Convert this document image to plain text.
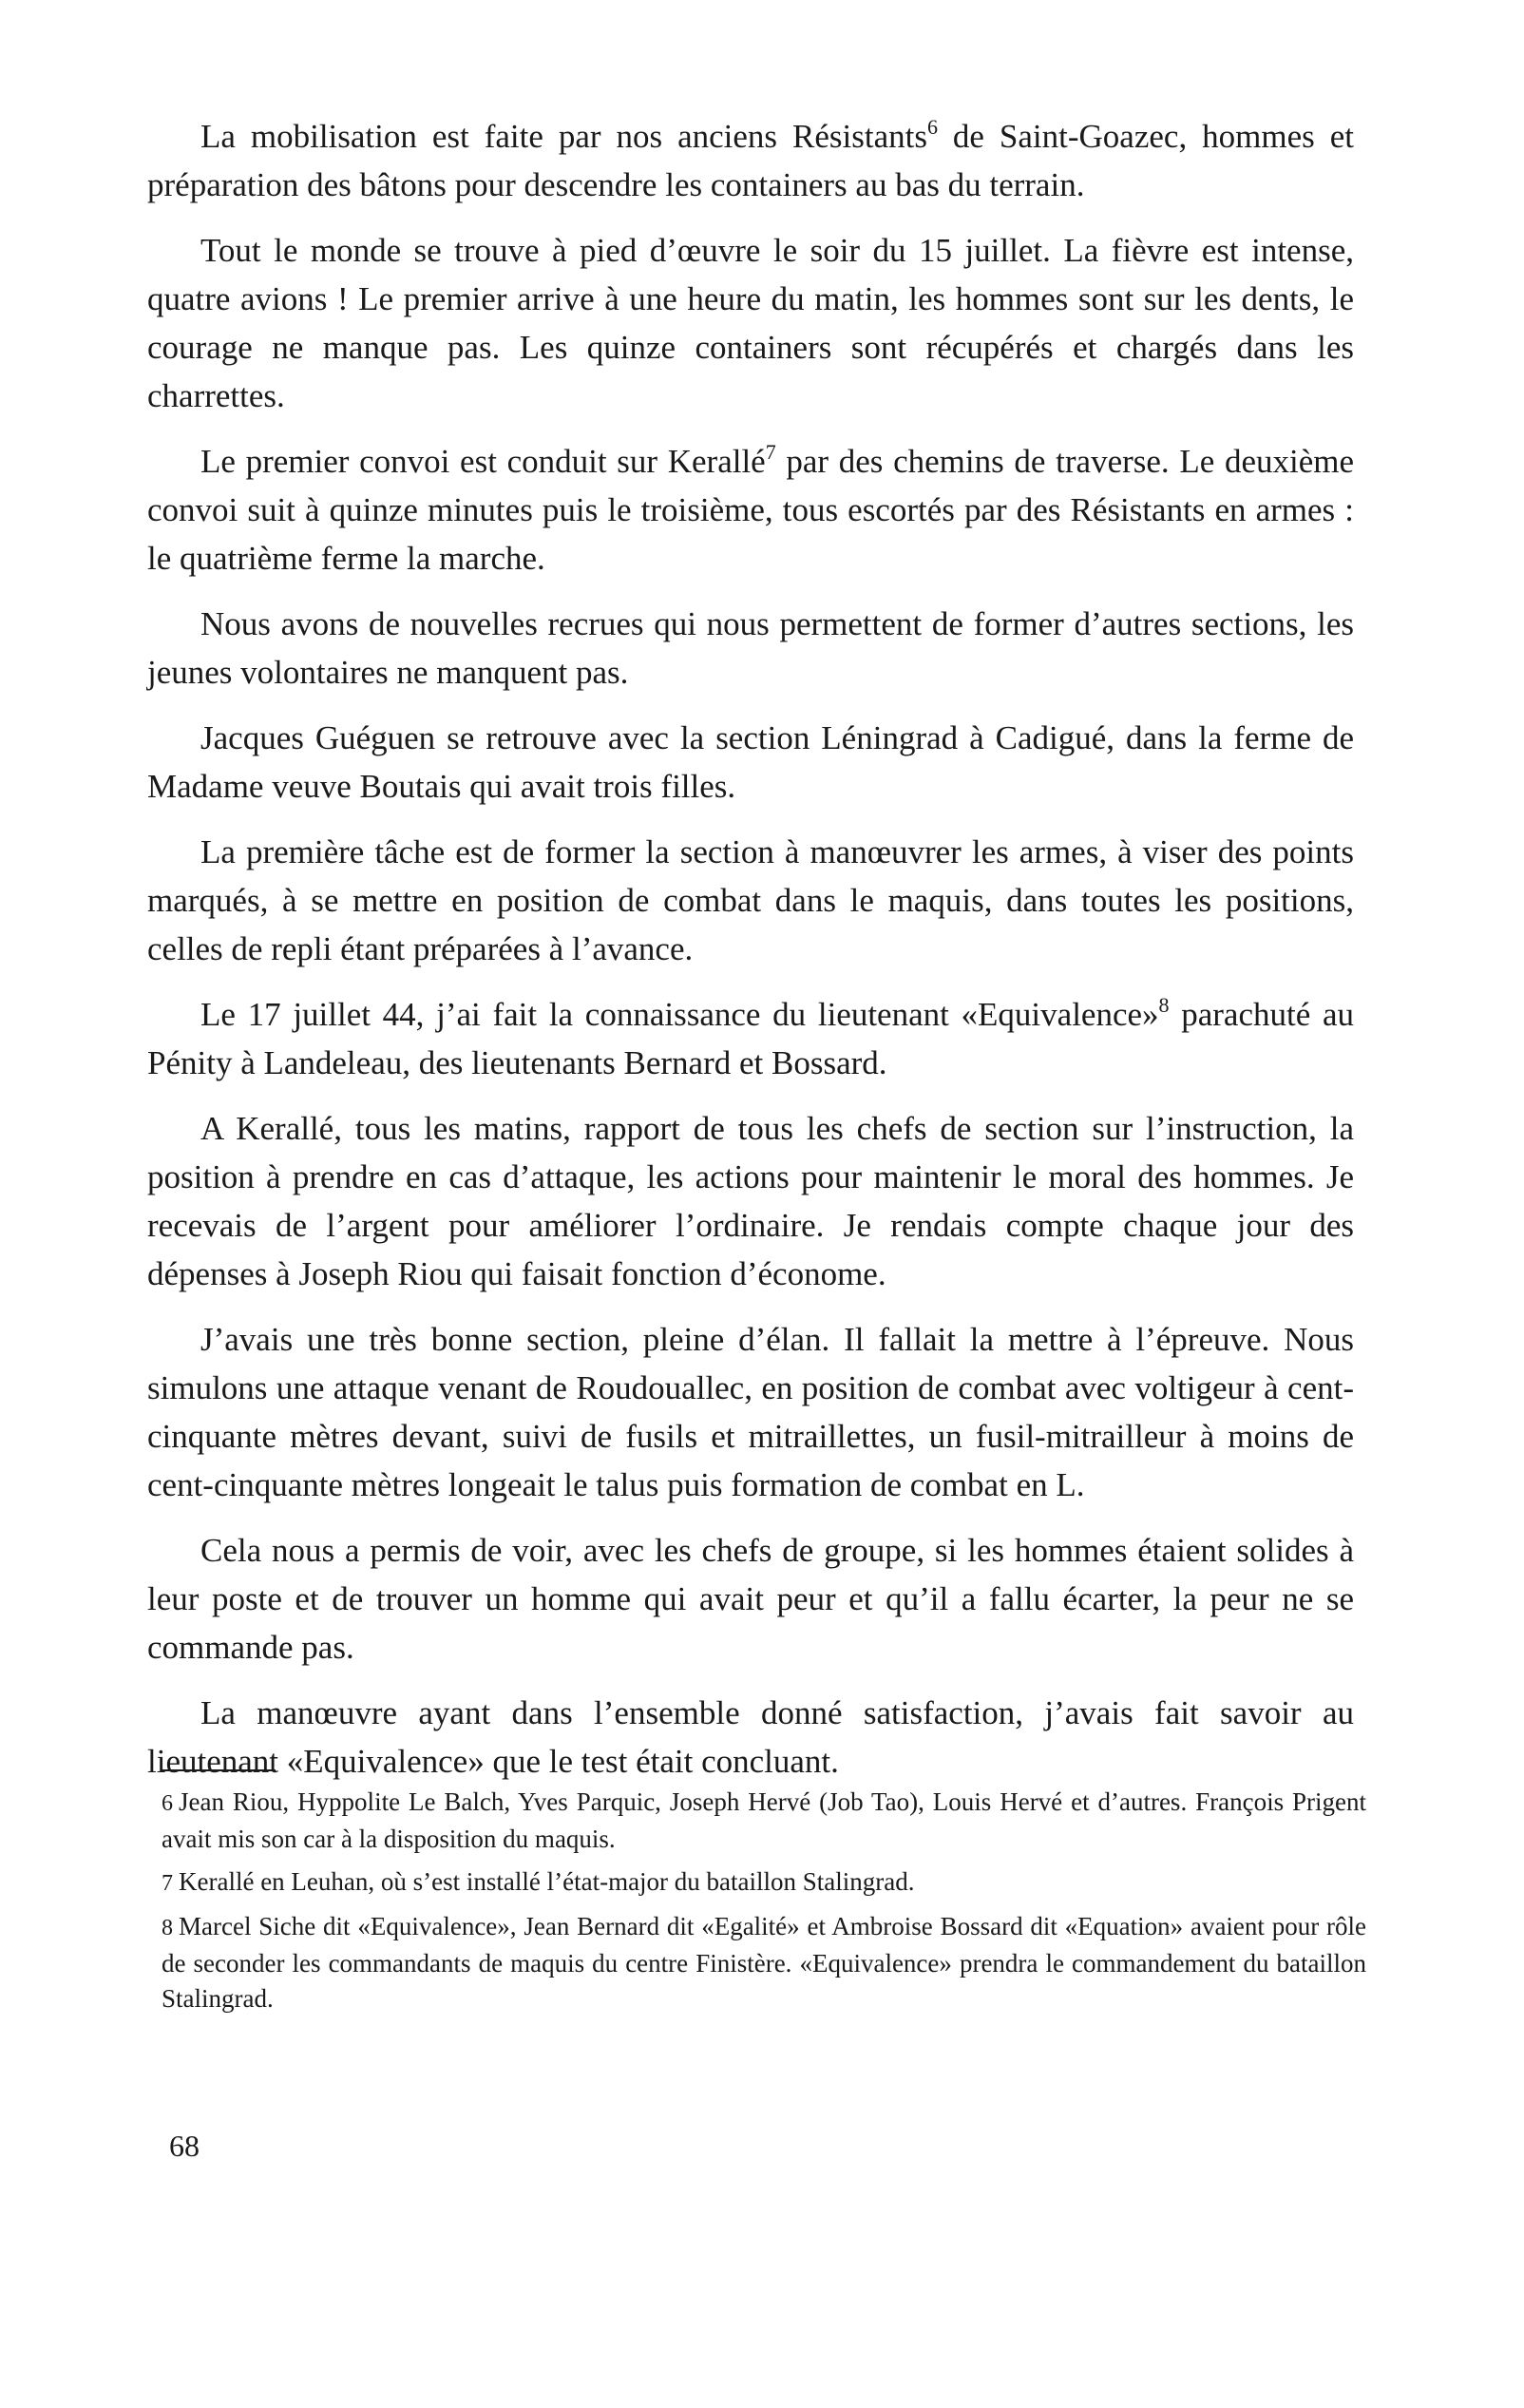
La mobilisation est faite par nos anciens Résistants$^6$ de Saint-Goazec, hommes et préparation des bâtons pour descendre les containers au bas du terrain.

Tout le monde se trouve à pied d’œuvre le soir du 15 juillet. La fièvre est intense, quatre avions ! Le premier arrive à une heure du matin, les hommes sont sur les dents, le courage ne manque pas. Les quinze containers sont récupérés et chargés dans les charrettes.

Le premier convoi est conduit sur Kerallé$^7$ par des chemins de traverse. Le deuxième convoi suit à quinze minutes puis le troisième, tous escortés par des Résistants en armes : le quatrième ferme la marche.

Nous avons de nouvelles recrues qui nous permettent de former d’autres sections, les jeunes volontaires ne manquent pas.

Jacques Guéguen se retrouve avec la section Léningrad à Cadigué, dans la ferme de Madame veuve Boutais qui avait trois filles.

La première tâche est de former la section à manœuvrer les armes, à viser des points marqués, à se mettre en position de combat dans le maquis, dans toutes les positions, celles de repli étant préparées à l’avance.

Le 17 juillet 44, j’ai fait la connaissance du lieutenant «Equivalence»$^8$ parachuté au Pénity à Landeleau, des lieutenants Bernard et Bossard.

A Kerallé, tous les matins, rapport de tous les chefs de section sur l’instruction, la position à prendre en cas d’attaque, les actions pour maintenir le moral des hommes. Je recevais de l’argent pour améliorer l’ordinaire. Je rendais compte chaque jour des dépenses à Joseph Riou qui faisait fonction d’économe.

J’avais une très bonne section, pleine d’élan. Il fallait la mettre à l’épreuve. Nous simulons une attaque venant de Roudouallec, en position de combat avec voltigeur à cent-cinquante mètres devant, suivi de fusils et mitraillettes, un fusil-mitrailleur à moins de cent-cinquante mètres longeait le talus puis formation de combat en L.

Cela nous a permis de voir, avec les chefs de groupe, si les hommes étaient solides à leur poste et de trouver un homme qui avait peur et qu’il a fallu écarter, la peur ne se commande pas.

La manœuvre ayant dans l’ensemble donné satisfaction, j’avais fait savoir au lieutenant «Equivalence» que le test était concluant.

6 Jean Riou, Hyppolite Le Balch, Yves Parquic, Joseph Hervé (Job Tao), Louis Hervé et d’autres. François Prigent avait mis son car à la disposition du maquis.

7 Kerallé en Leuhan, où s’est installé l’état-major du bataillon Stalingrad.

8 Marcel Siche dit «Equivalence», Jean Bernard dit «Egalité» et Ambroise Bossard dit «Equation» avaient pour rôle de seconder les commandants de maquis du centre Finistère. «Equivalence» prendra le commandement du bataillon Stalingrad.

68
